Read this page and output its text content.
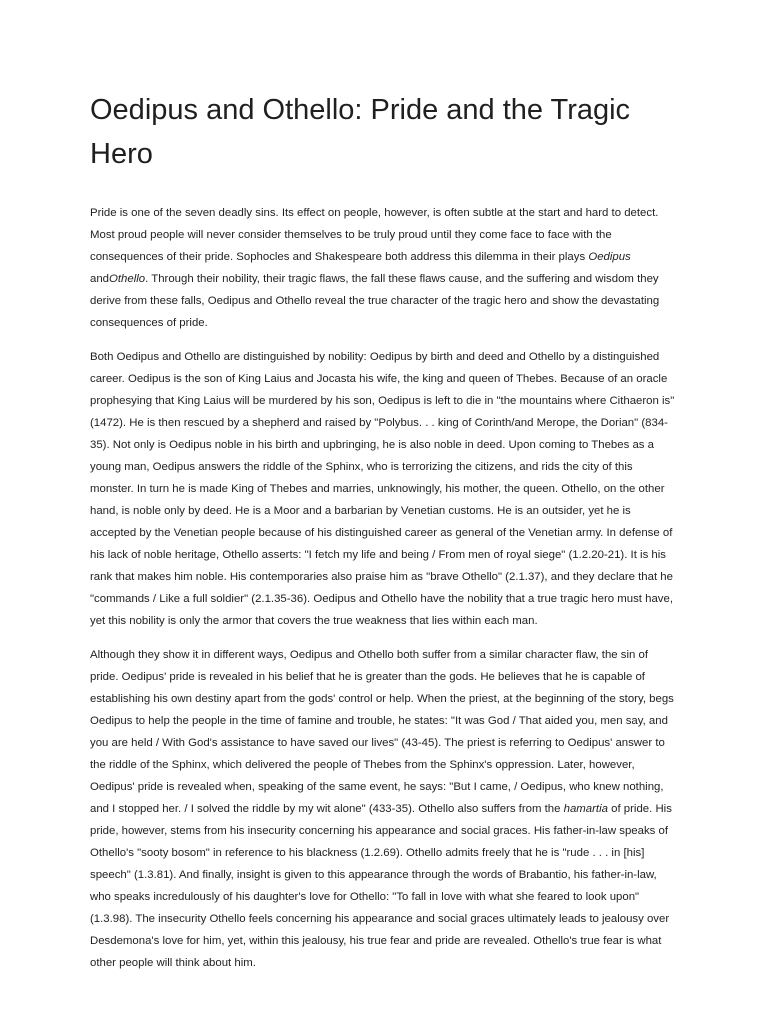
Oedipus and Othello: Pride and the Tragic Hero

Pride is one of the seven deadly sins. Its effect on people, however, is often subtle at the start and hard to detect. Most proud people will never consider themselves to be truly proud until they come face to face with the consequences of their pride. Sophocles and Shakespeare both address this dilemma in their plays Oedipus andOthello. Through their nobility, their tragic flaws, the fall these flaws cause, and the suffering and wisdom they derive from these falls, Oedipus and Othello reveal the true character of the tragic hero and show the devastating consequences of pride.

Both Oedipus and Othello are distinguished by nobility: Oedipus by birth and deed and Othello by a distinguished career. Oedipus is the son of King Laius and Jocasta his wife, the king and queen of Thebes. Because of an oracle prophesying that King Laius will be murdered by his son, Oedipus is left to die in "the mountains where Cithaeron is"(1472). He is then rescued by a shepherd and raised by "Polybus. . . king of Corinth/and Merope, the Dorian" (834-35). Not only is Oedipus noble in his birth and upbringing, he is also noble in deed. Upon coming to Thebes as a young man, Oedipus answers the riddle of the Sphinx, who is terrorizing the citizens, and rids the city of this monster. In turn he is made King of Thebes and marries, unknowingly, his mother, the queen. Othello, on the other hand, is noble only by deed. He is a Moor and a barbarian by Venetian customs. He is an outsider, yet he is accepted by the Venetian people because of his distinguished career as general of the Venetian army. In defense of his lack of noble heritage, Othello asserts: "I fetch my life and being / From men of royal siege" (1.2.20-21). It is his rank that makes him noble. His contemporaries also praise him as "brave Othello" (2.1.37), and they declare that he "commands / Like a full soldier" (2.1.35-36). Oedipus and Othello have the nobility that a true tragic hero must have, yet this nobility is only the armor that covers the true weakness that lies within each man.

Although they show it in different ways, Oedipus and Othello both suffer from a similar character flaw, the sin of pride. Oedipus' pride is revealed in his belief that he is greater than the gods. He believes that he is capable of establishing his own destiny apart from the gods' control or help. When the priest, at the beginning of the story, begs Oedipus to help the people in the time of famine and trouble, he states: "It was God / That aided you, men say, and you are held / With God's assistance to have saved our lives" (43-45). The priest is referring to Oedipus' answer to the riddle of the Sphinx, which delivered the people of Thebes from the Sphinx's oppression. Later, however, Oedipus' pride is revealed when, speaking of the same event, he says: "But I came, / Oedipus, who knew nothing, and I stopped her. / I solved the riddle by my wit alone" (433-35). Othello also suffers from the hamartia of pride. His pride, however, stems from his insecurity concerning his appearance and social graces. His father-in-law speaks of Othello's "sooty bosom" in reference to his blackness (1.2.69). Othello admits freely that he is "rude . . . in [his] speech" (1.3.81). And finally, insight is given to this appearance through the words of Brabantio, his father-in-law, who speaks incredulously of his daughter's love for Othello: "To fall in love with what she feared to look upon" (1.3.98). The insecurity Othello feels concerning his appearance and social graces ultimately leads to jealousy over Desdemona's love for him, yet, within this jealousy, his true fear and pride are revealed. Othello's true fear is what other people will think about him.
